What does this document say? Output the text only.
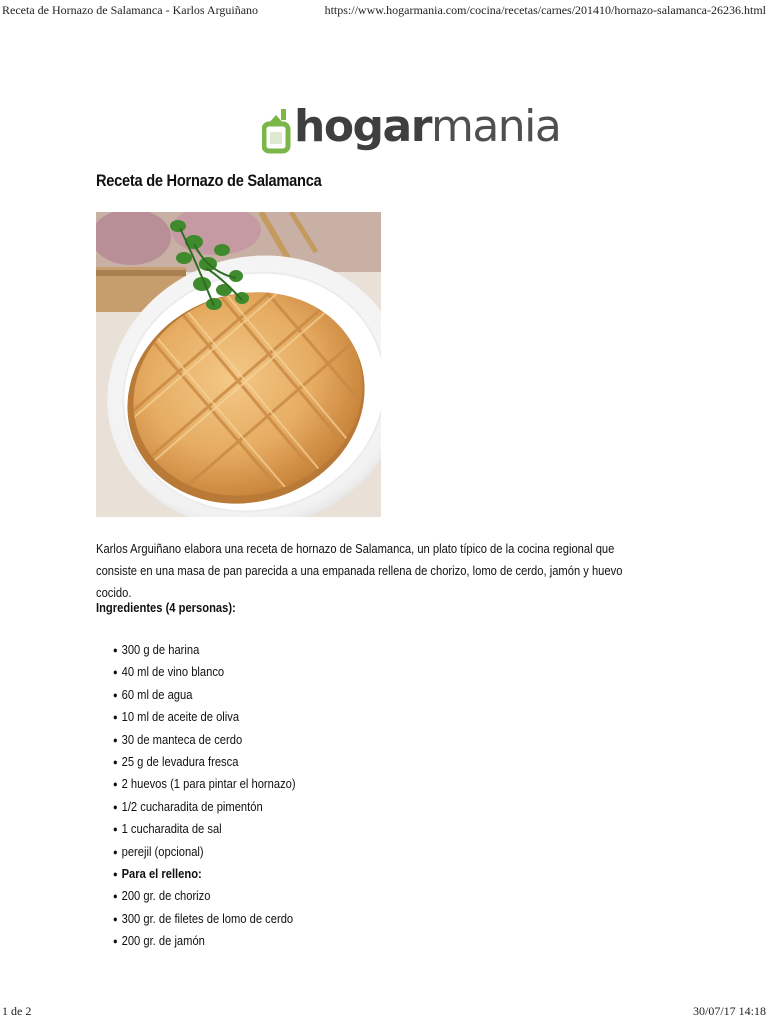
Receta de Hornazo de Salamanca - Karlos Arguiñano	https://www.hogarmania.com/cocina/recetas/carnes/201410/hornazo-salamanca-26236.html
hogarmania
Receta de Hornazo de Salamanca
Karlos Arguiñano elabora una receta de hornazo de Salamanca, un plato típico de la cocina regional que consiste en una masa de pan parecida a una empanada rellena de chorizo, lomo de cerdo, jamón y huevo cocido.
Ingredientes (4 personas):
● 300 g de harina
● 40 ml de vino blanco
● 60 ml de agua
● 10 ml de aceite de oliva
● 30 de manteca de cerdo
● 25 g de levadura fresca
● 2 huevos (1 para pintar el hornazo)
● 1/2 cucharadita de pimentón
● 1 cucharadita de sal
● perejil (opcional)
● Para el relleno:
● 200 gr. de chorizo
● 300 gr. de filetes de lomo de cerdo
● 200 gr. de jamón
1 de 2	30/07/17 14:18
